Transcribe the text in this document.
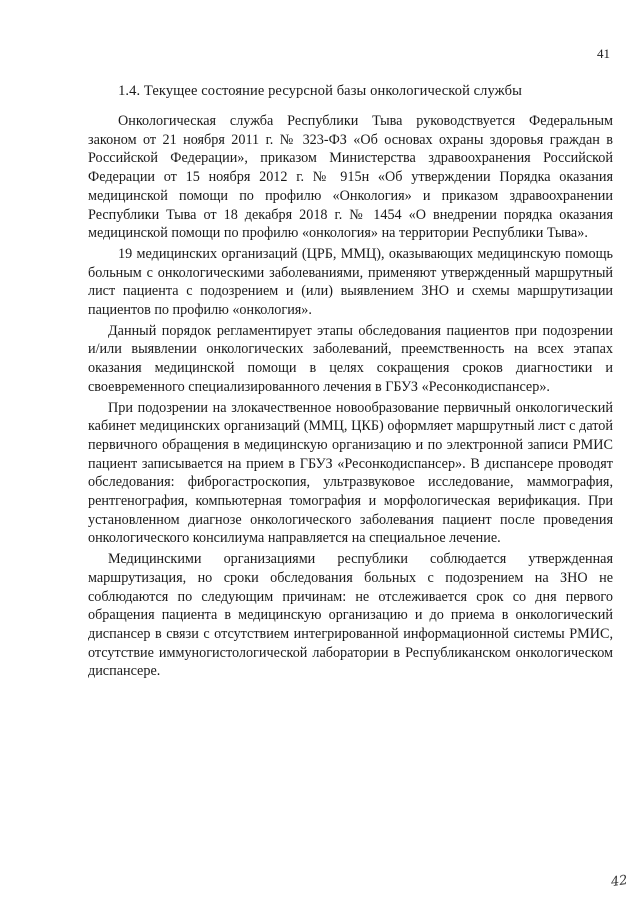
41
1.4. Текущее состояние ресурсной базы онкологической службы

Онкологическая служба Республики Тыва руководствуется Федеральным законом от 21 ноября 2011 г. № 323-ФЗ «Об основах охраны здоровья граждан в Российской Федерации», приказом Министерства здравоохранения Российской Федерации от 15 ноября 2012 г. № 915н «Об утверждении Порядка оказания медицинской помощи по профилю «Онкология» и приказом здравоохранении Республики Тыва от 18 декабря 2018 г. № 1454 «О внедрении порядка оказания медицинской помощи по профилю «онкология» на территории Республики Тыва».

19 медицинских организаций (ЦРБ, ММЦ), оказывающих медицинскую помощь больным с онкологическими заболеваниями, применяют утвержденный маршрутный лист пациента с подозрением и (или) выявлением ЗНО и схемы маршрутизации пациентов по профилю «онкология».

Данный порядок регламентирует этапы обследования пациентов при подозрении и/или выявлении онкологических заболеваний, преемственность на всех этапах оказания медицинской помощи в целях сокращения сроков диагностики и своевременного специализированного лечения в ГБУЗ «Ресонкодиспансер».

При подозрении на злокачественное новообразование первичный онкологический кабинет медицинских организаций (ММЦ, ЦКБ) оформляет маршрутный лист с датой первичного обращения в медицинскую организацию и по электронной записи РМИС пациент записывается на прием в ГБУЗ «Ресонкодиспансер». В диспансере проводят обследования: фиброгастроскопия, ультразвуковое исследование, маммография, рентгенография, компьютерная томография и морфологическая верификация. При установленном диагнозе онкологического заболевания пациент после проведения онкологического консилиума направляется на специальное лечение.

Медицинскими организациями республики соблюдается утвержденная маршрутизация, но сроки обследования больных с подозрением на ЗНО не соблюдаются по следующим причинам: не отслеживается срок со дня первого обращения пациента в медицинскую организацию и до приема в онкологический диспансер в связи с отсутствием интегрированной информационной системы РМИС, отсутствие иммуногистологической лаборатории в Республиканском онкологическом диспансере.

42
